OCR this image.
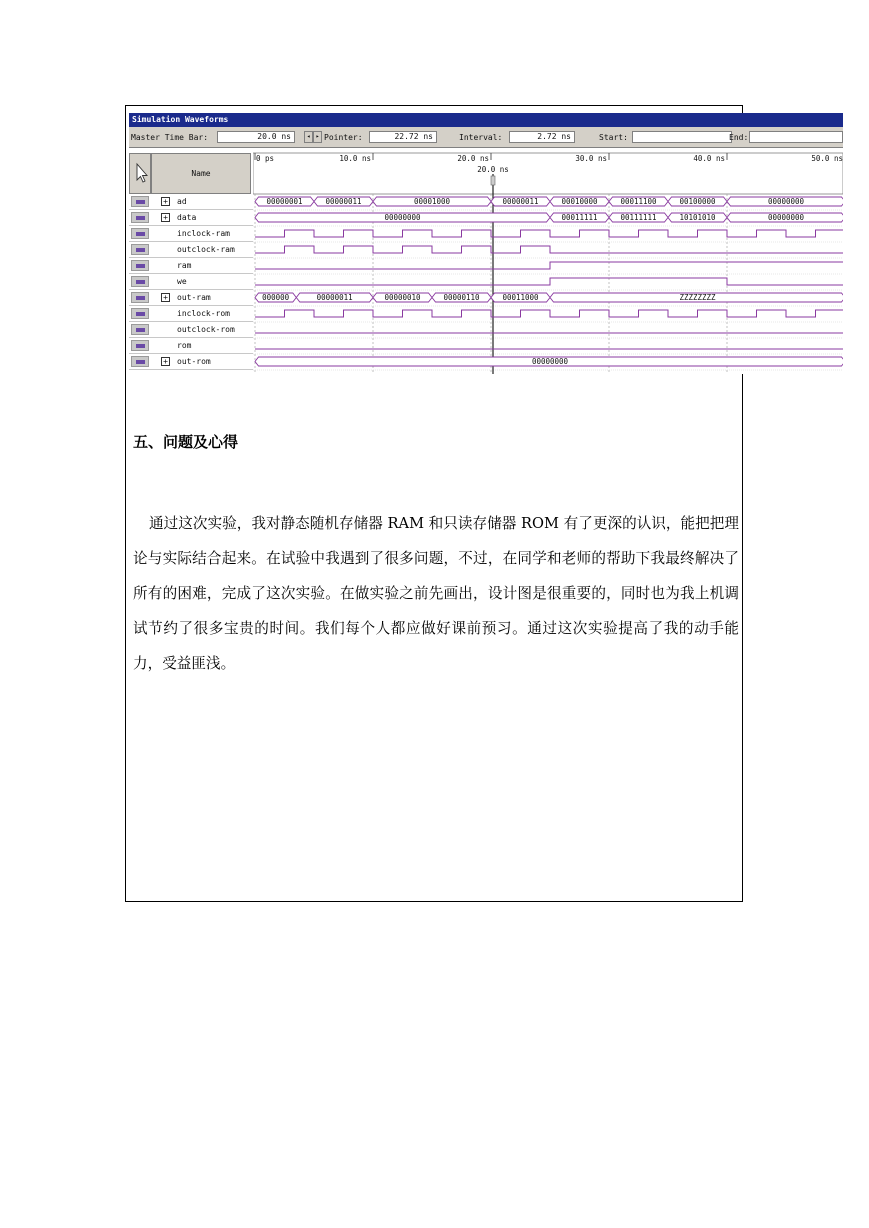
Simulation Waveforms
Master Time Bar:	20.0 ns	◂ ▸ Pointer:	22.72 ns	Interval:	2.72 ns	Start:	End:
Name
+ ad
+ data
inclock-ram
outclock-ram
ram
we
+ out-ram
inclock-rom
outclock-rom
rom
+ out-rom
0 ps	10.0 ns	20.0 ns	30.0 ns	40.0 ns	50.0 ns
20.0 ns
00000001	00000011	00001000	00000011	00010000	00011100	00100000	00000000
00000000	00011111	00111111	10101010	00000000
000000	00000011	00000010	00000110	00011000	ZZZZZZZZ
00000000
五、问题及心得
通过这次实验，我对静态随机存储器 RAM 和只读存储器 ROM 有了更深的认识，能把把理论与实际结合起来。在试验中我遇到了很多问题，不过，在同学和老师的帮助下我最终解决了所有的困难，完成了这次实验。在做实验之前先画出，设计图是很重要的，同时也为我上机调试节约了很多宝贵的时间。我们每个人都应做好课前预习。通过这次实验提高了我的动手能力，受益匪浅。
